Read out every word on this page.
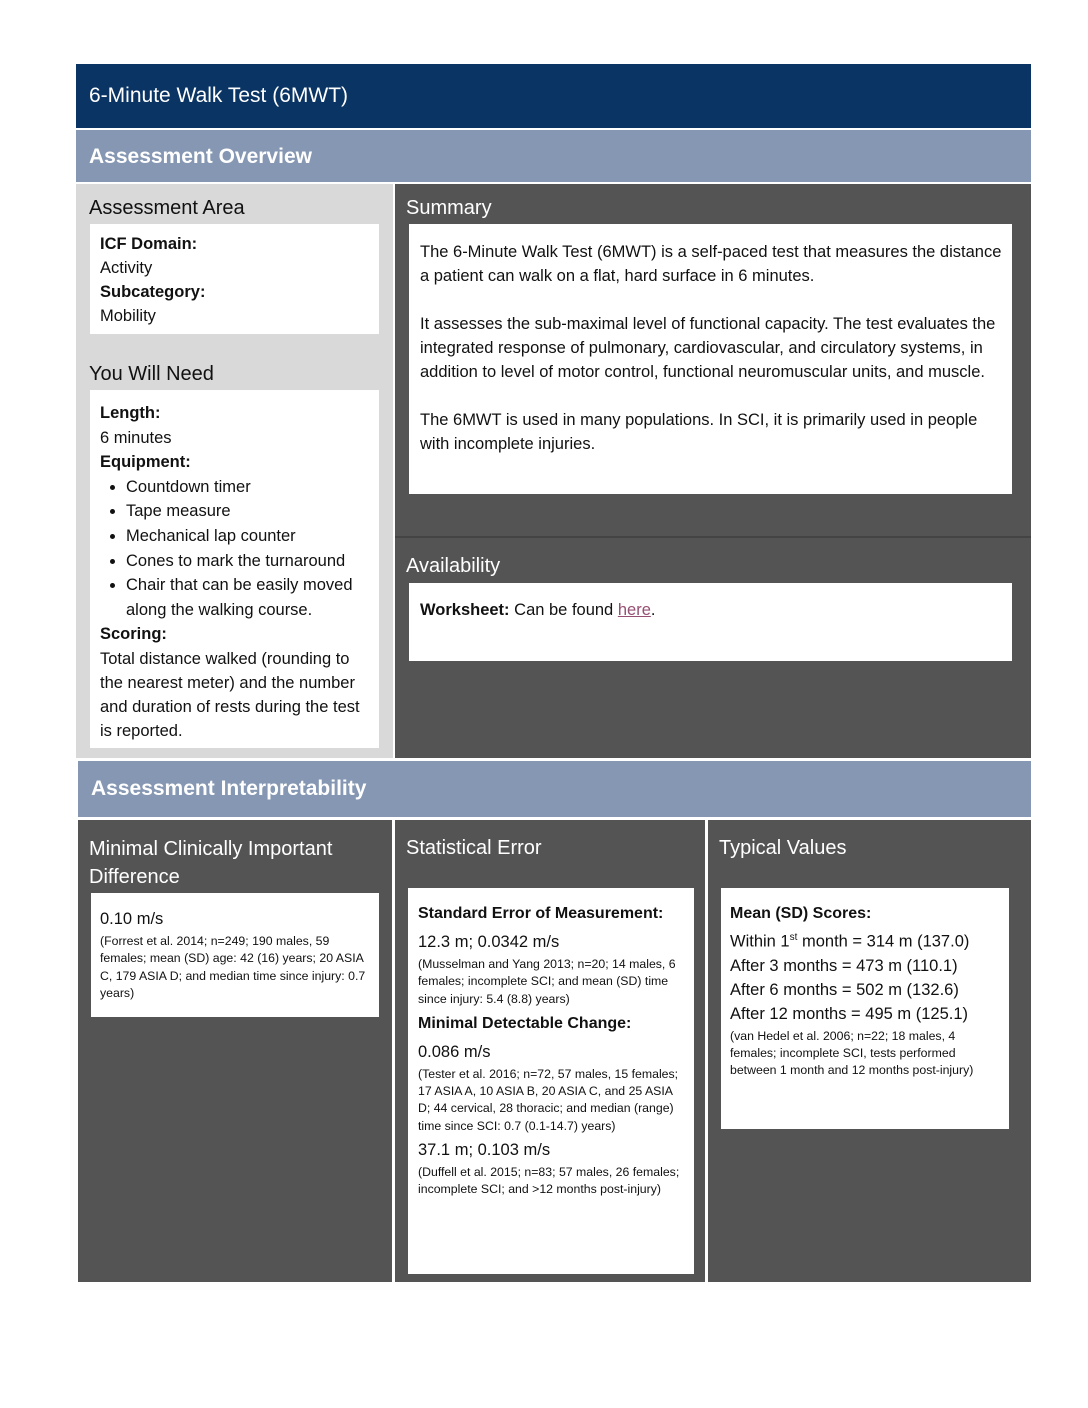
6-Minute Walk Test (6MWT)
Assessment Overview
Assessment Area
ICF Domain:
Activity
Subcategory:
Mobility
You Will Need
Length:
6 minutes
Equipment:
• Countdown timer
• Tape measure
• Mechanical lap counter
• Cones to mark the turnaround
• Chair that can be easily moved along the walking course.
Scoring:
Total distance walked (rounding to the nearest meter) and the number and duration of rests during the test is reported.
Summary

The 6-Minute Walk Test (6MWT) is a self-paced test that measures the distance a patient can walk on a flat, hard surface in 6 minutes.

It assesses the sub-maximal level of functional capacity. The test evaluates the integrated response of pulmonary, cardiovascular, and circulatory systems, in addition to level of motor control, functional neuromuscular units, and muscle.

The 6MWT is used in many populations. In SCI, it is primarily used in people with incomplete injuries.

Availability
Worksheet: Can be found here.
Assessment Interpretability
Minimal Clinically Important Difference
0.10 m/s
(Forrest et al. 2014; n=249; 190 males, 59 females; mean (SD) age: 42 (16) years; 20 ASIA C, 179 ASIA D; and median time since injury: 0.7 years)
Statistical Error
Standard Error of Measurement:
12.3 m; 0.0342 m/s
(Musselman and Yang 2013; n=20; 14 males, 6 females; incomplete SCI; and mean (SD) time since injury: 5.4 (8.8) years)
Minimal Detectable Change:
0.086 m/s
(Tester et al. 2016; n=72, 57 males, 15 females; 17 ASIA A, 10 ASIA B, 20 ASIA C, and 25 ASIA D; 44 cervical, 28 thoracic; and median (range) time since SCI: 0.7 (0.1-14.7) years)
37.1 m; 0.103 m/s
(Duffell et al. 2015; n=83; 57 males, 26 females; incomplete SCI; and >12 months post-injury)
Typical Values
Mean (SD) Scores:
Within 1st month = 314 m (137.0)
After 3 months = 473 m (110.1)
After 6 months = 502 m (132.6)
After 12 months = 495 m (125.1)
(van Hedel et al. 2006; n=22; 18 males, 4 females; incomplete SCI, tests performed between 1 month and 12 months post-injury)
